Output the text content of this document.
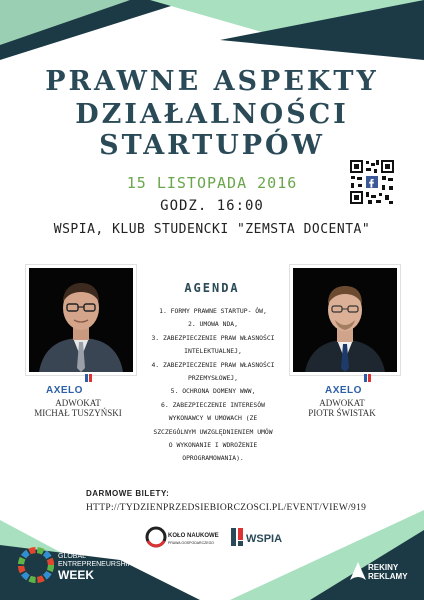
PRAWNE ASPEKTY
DZIAŁALNOŚCI
STARTUPÓW
15 LISTOPADA 2016
GODZ. 16:00
WSPIA, KLUB STUDENCKI "ZEMSTA DOCENTA"
AXELO
ADWOKAT
MICHAŁ TUSZYŃSKI
AXELO
ADWOKAT
PIOTR ŚWISTAK
AGENDA
1. FORMY PRAWNE STARTUP- ÓW,
2. UMOWA NDA,
3. ZABEZPIECZENIE PRAW WŁASNOŚCI
INTELEKTUALNEJ,
4. ZABEZPIECZENIE PRAW WŁASNOŚCI
PRZEMYSŁOWEJ,
5. OCHRONA DOMENY WWW,
6. ZABEZPIECZENIE INTERESÓW
WYKONAWCY W UMOWACH (ZE
SZCZEGÓLNYM UWZGLĘDNIENIEM UMÓW
O WYKONANIE I WDROŻENIE
OPROGRAMOWANIA).
DARMOWE BILETY:
HTTP://TYDZIENPRZEDSIEBIORCZOSCI.PL/EVENT/VIEW/919
KOŁO NAUKOWE
PRAWA GOSPODARCZEGO	WSPIA
GLOBAL
ENTREPRENEURSHIP
WEEK
REKINY
REKLAMY
